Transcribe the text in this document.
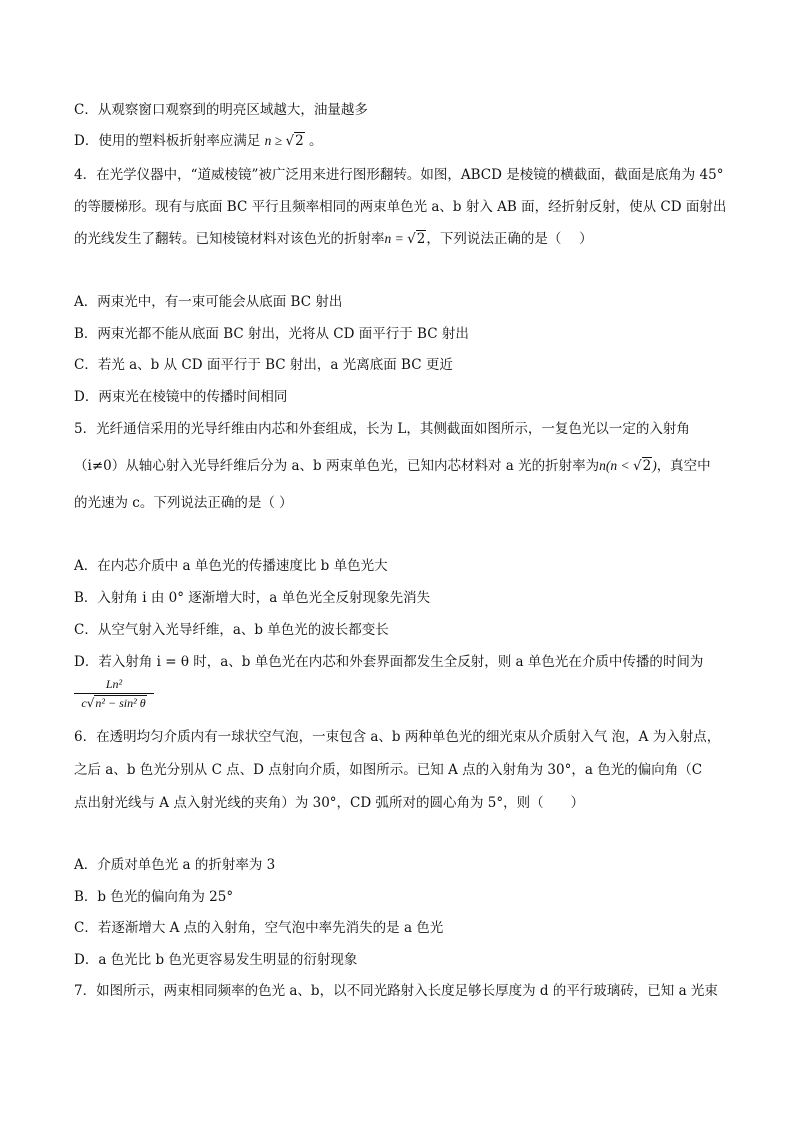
C．从观察窗口观察到的明亮区域越大，油量越多
D．使用的塑料板折射率应满足 n ≥ √2 。
4．在光学仪器中，“道威棱镜”被广泛用来进行图形翻转。如图，ABCD 是棱镜的横截面，截面是底角为 45°
的等腰梯形。现有与底面 BC 平行且频率相同的两束单色光 a、b 射入 AB 面，经折射反射，使从 CD 面射出
的光线发生了翻转。已知棱镜材料对该色光的折射率n = √2，下列说法正确的是（　 ）
A．两束光中，有一束可能会从底面 BC 射出
B．两束光都不能从底面 BC 射出，光将从 CD 面平行于 BC 射出
C．若光 a、b 从 CD 面平行于 BC 射出，a 光离底面 BC 更近
D．两束光在棱镜中的传播时间相同
5．光纤通信采用的光导纤维由内芯和外套组成，长为 L，其侧截面如图所示，一复色光以一定的入射角
（i≠0）从轴心射入光导纤维后分为 a、b 两束单色光，已知内芯材料对 a 光的折射率为n(n < √2)，真空中
的光速为 c。下列说法正确的是（ ）
A．在内芯介质中 a 单色光的传播速度比 b 单色光大
B．入射角 i 由 0° 逐渐增大时，a 单色光全反射现象先消失
C．从空气射入光导纤维，a、b 单色光的波长都变长
D．若入射角 i = θ 时，a、b 单色光在内芯和外套界面都发生全反射，则 a 单色光在介质中传播的时间为
$\frac{\text{Ln²}}{\text{c√n² − sin² θ}}$
6．在透明均匀介质内有一球状空气泡，一束包含 a、b 两种单色光的细光束从介质射入气 泡，A 为入射点，
之后 a、b 色光分别从 C 点、D 点射向介质，如图所示。已知 A 点的入射角为 30°，a 色光的偏向角（C
点出射光线与 A 点入射光线的夹角）为 30°，CD 弧所对的圆心角为 5°，则（　　）
A．介质对单色光 a 的折射率为 3
B．b 色光的偏向角为 25°
C．若逐渐增大 A 点的入射角，空气泡中率先消失的是 a 色光
D．a 色光比 b 色光更容易发生明显的衍射现象
7．如图所示，两束相同频率的色光 a、b，以不同光路射入长度足够长厚度为 d 的平行玻璃砖，已知 a 光束
